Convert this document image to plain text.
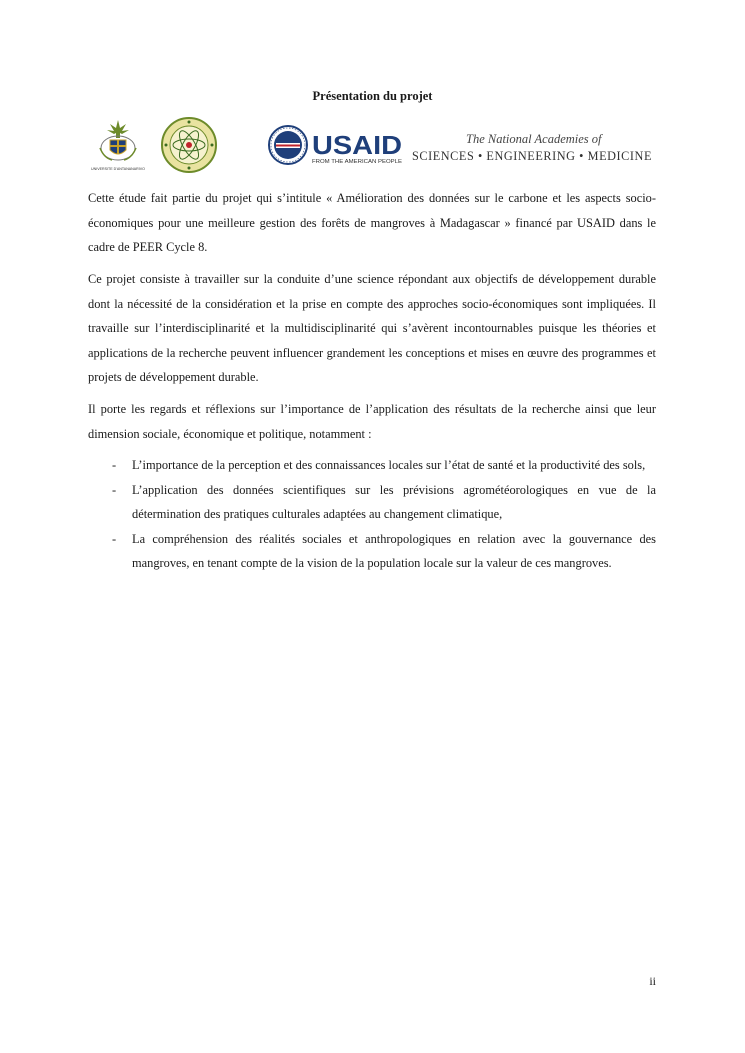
Présentation du projet
UNIVERSITE D'ANTANANARIVO
USAID
FROM THE AMERICAN PEOPLE
The National Academies of
SCIENCES • ENGINEERING • MEDICINE
Cette étude fait partie du projet qui s’intitule « Amélioration des données sur le carbone et les aspects socio-économiques pour une meilleure gestion des forêts de mangroves à Madagascar » financé par USAID dans le cadre de PEER Cycle 8.
Ce projet consiste à travailler sur la conduite d’une science répondant aux objectifs de développement durable dont la nécessité de la considération et la prise en compte des approches socio-économiques sont impliquées. Il travaille sur l’interdisciplinarité et la multidisciplinarité qui s’avèrent incontournables puisque les théories et applications de la recherche peuvent influencer grandement les conceptions et mises en œuvre des programmes et projets de développement durable.
Il porte les regards et réflexions sur l’importance de l’application des résultats de la recherche ainsi que leur dimension sociale, économique et politique, notamment :
-	L’importance de la perception et des connaissances locales sur l’état de santé et la productivité des sols,
-	L’application des données scientifiques sur les prévisions agrométéorologiques en vue de la détermination des pratiques culturales adaptées au changement climatique,
-	La compréhension des réalités sociales et anthropologiques en relation avec la gouvernance des mangroves, en tenant compte de la vision de la population locale sur la valeur de ces mangroves.
ii
